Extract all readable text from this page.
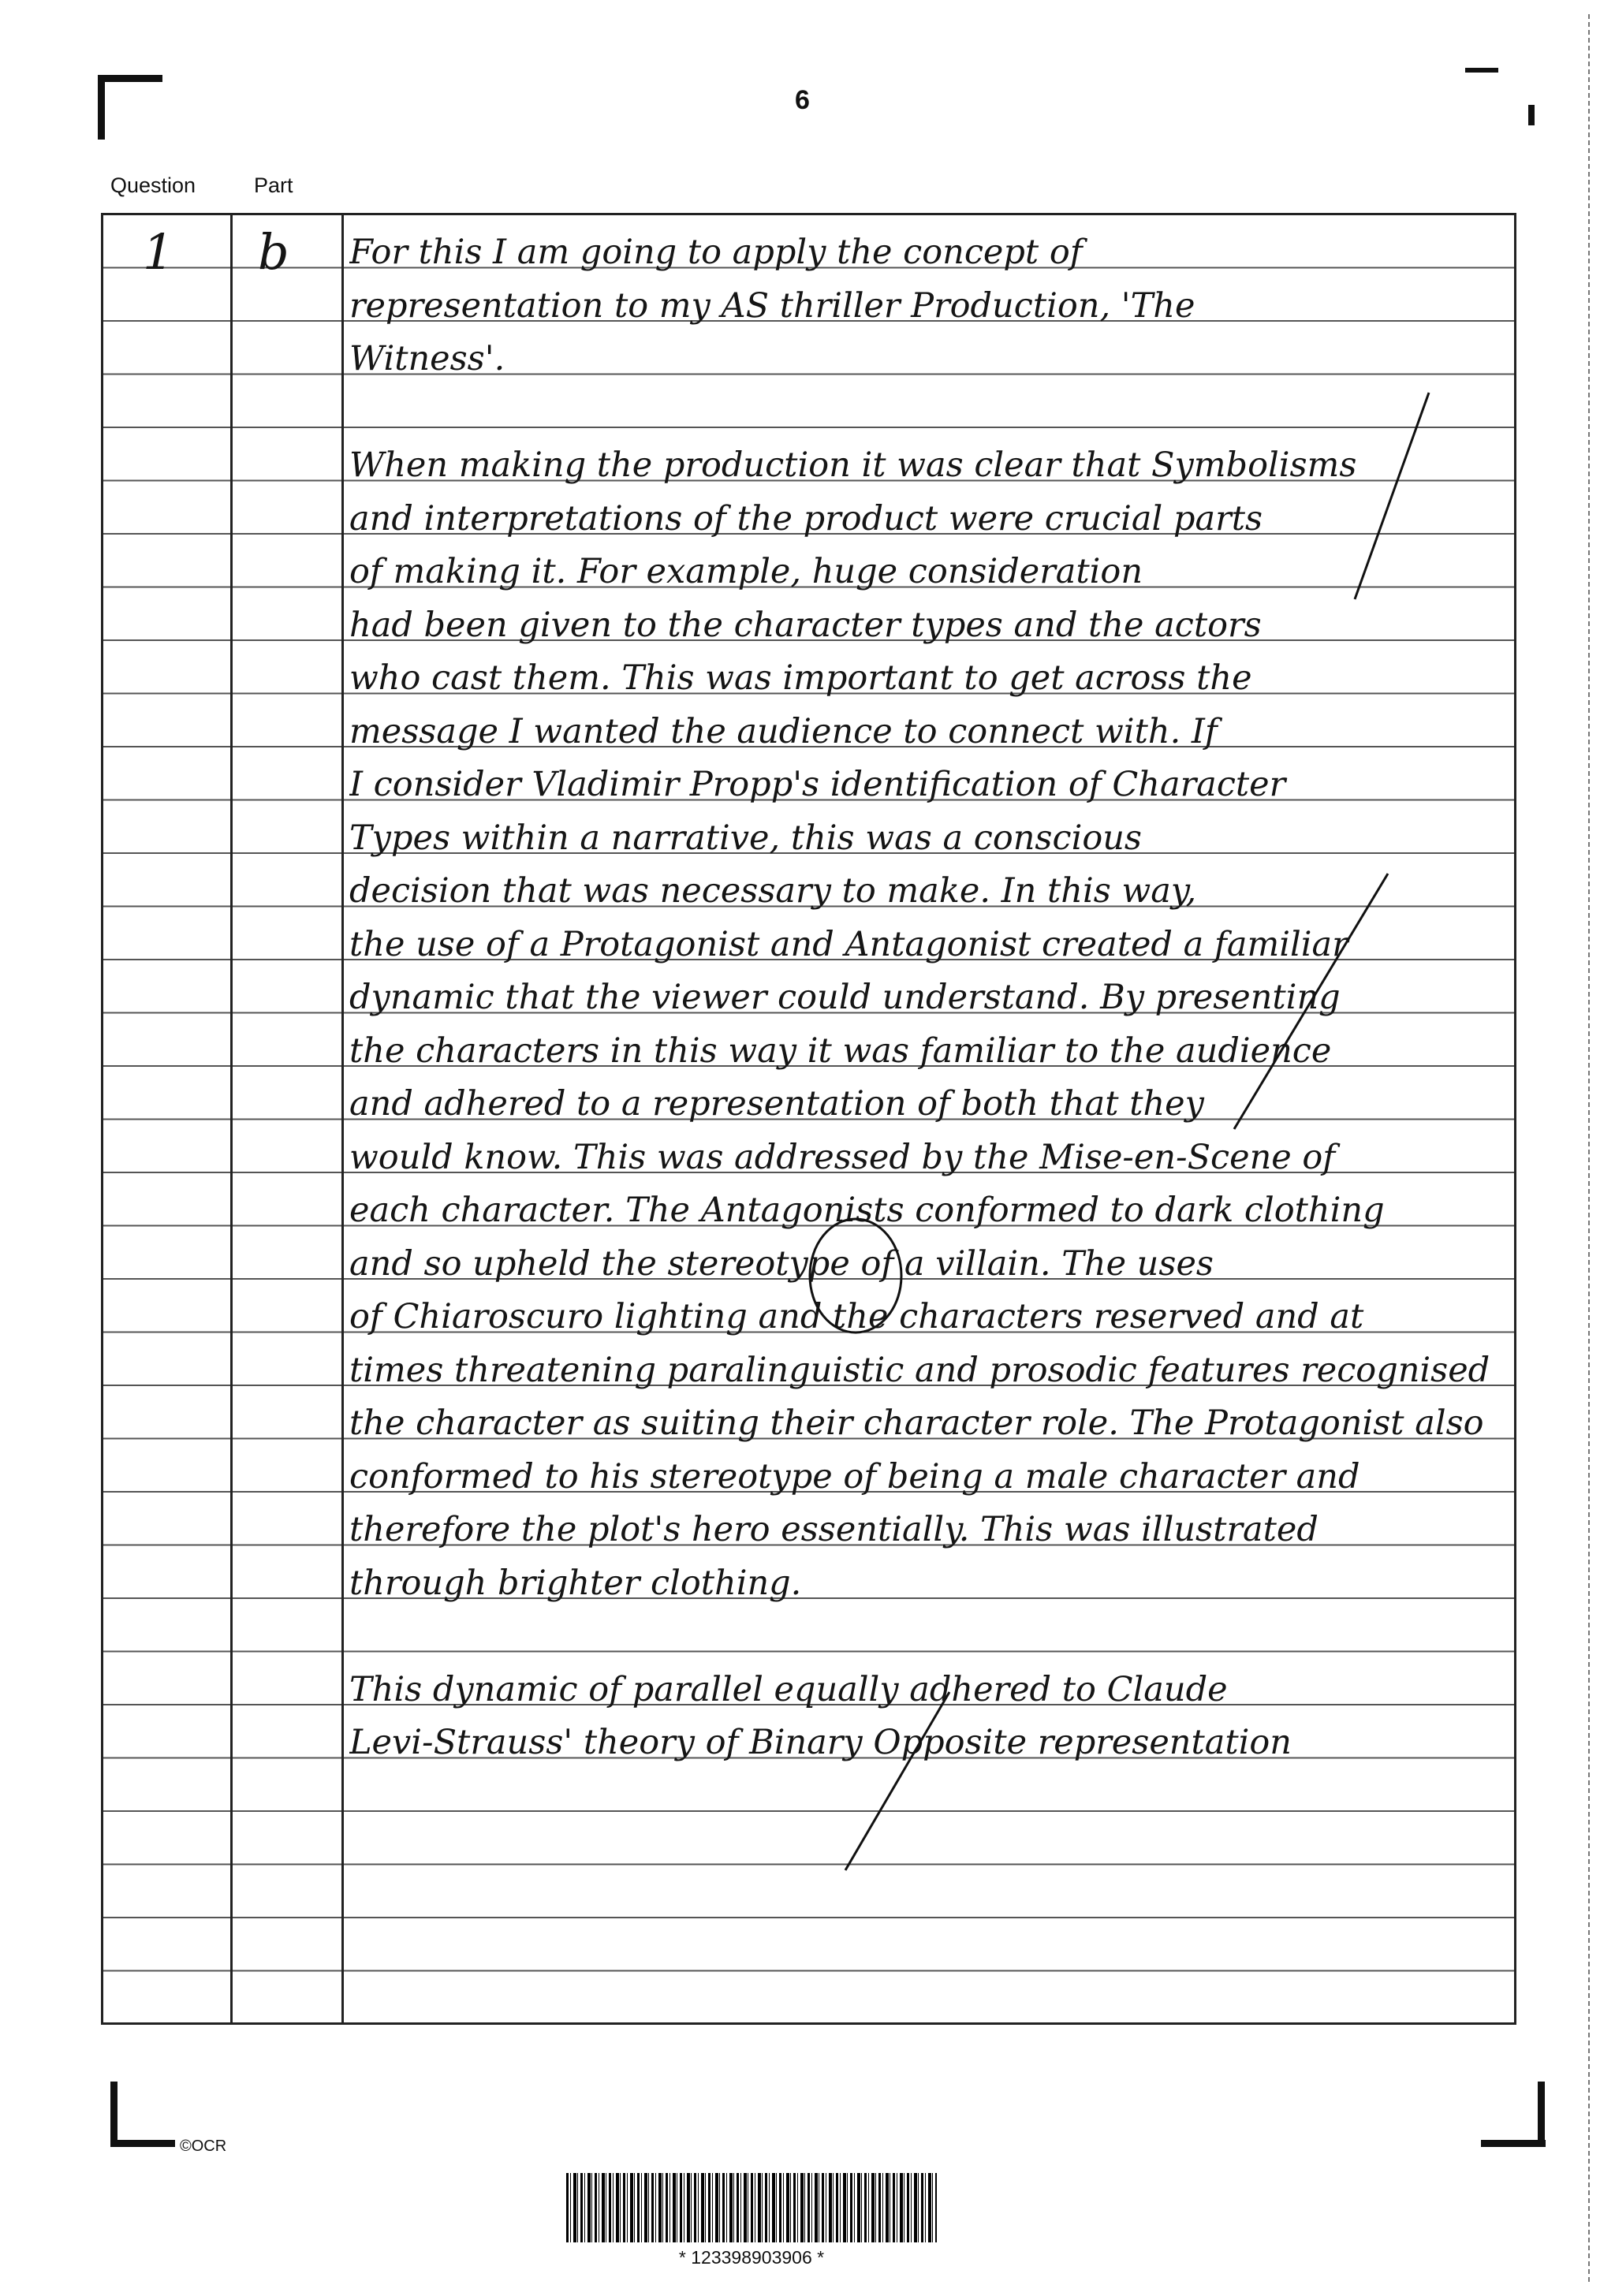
6
Question	Part
1 b For this I am going to apply the concept of
representation to my AS thriller Production, 'The
Witness'.
When making the production it was clear that Symbolisms
and interpretations of the product were crucial parts
of making it. For example, huge consideration
had been given to the character types and the actors
who cast them. This was important to get across the
message I wanted the audience to connect with. If
I consider Vladimir Propp's identification of Character
Types within a narrative, this was a conscious
decision that was necessary to make. In this way,
the use of a Protagonist and Antagonist created a familiar
dynamic that the viewer could understand. By presenting
the characters in this way it was familiar to the audience
and adhered to a representation of both that they
would know. This was addressed by the Mise-en-Scene of
each character. The Antagonists conformed to dark clothing
and so upheld the stereotype of a villain. The uses
of Chiaroscuro lighting and the characters reserved and at
times threatening paralinguistic and prosodic features recognised
the character as suiting their character role. The Protagonist also
conformed to his stereotype of being a male character and
therefore the plot's hero essentially. This was illustrated
through brighter clothing.
This dynamic of parallel equally adhered to Claude
Levi-Strauss' theory of Binary Opposite representation
©OCR
* 123398903906 *
